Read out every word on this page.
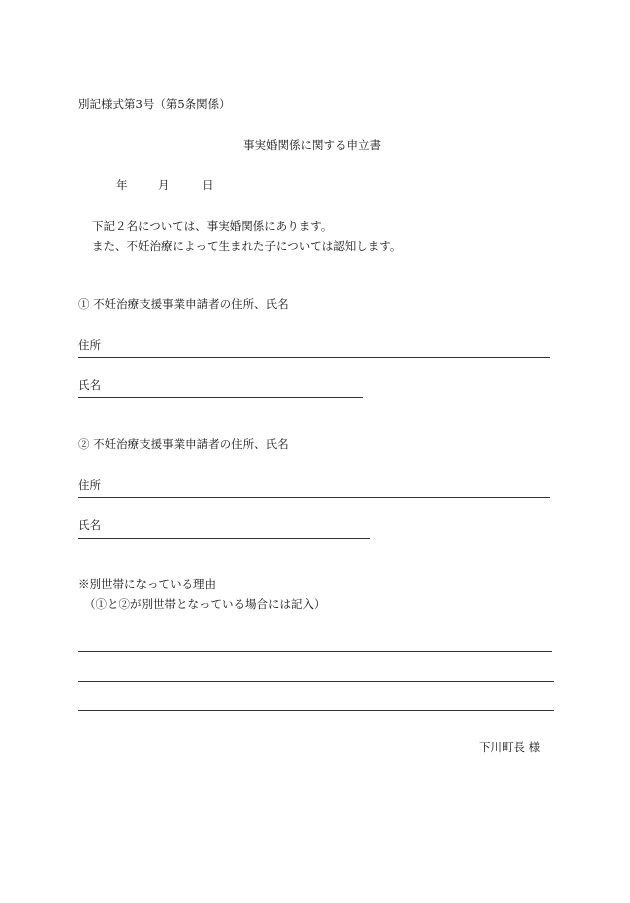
別記様式第3号（第5条関係）
事実婚関係に関する申立書
年	月	日
下記２名については、事実婚関係にあります。
また、不妊治療によって生まれた子については認知します。
① 不妊治療支援事業申請者の住所、氏名
住所
氏名
② 不妊治療支援事業申請者の住所、氏名
住所
氏名
※別世帯になっている理由
（①と②が別世帯となっている場合には記入）
下川町長 様
